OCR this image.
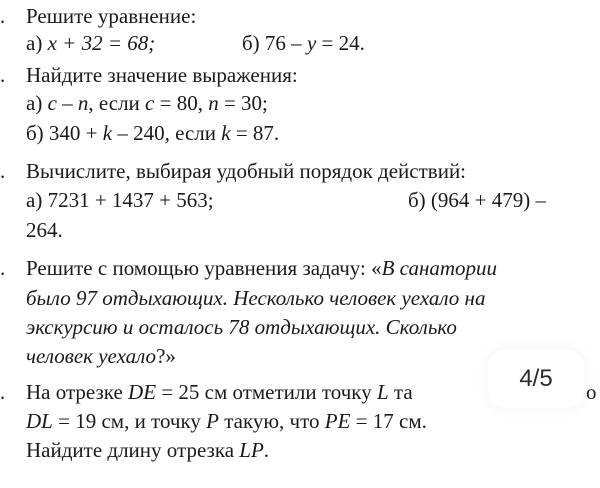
. Решите уравнение:
а) x + 32 = 68;	б) 76 – y = 24.
. Найдите значение выражения:
а) c – n, если c = 80, n = 30;
б) 340 + k – 240, если k = 87.
. Вычислите, выбирая удобный порядок действий:
а) 7231 + 1437 + 563;	б) (964 + 479) –
264.
. Решите с помощью уравнения задачу: «В санатории
было 97 отдыхающих. Несколько человек уехало на
экскурсию и осталось 78 отдыхающих. Сколько
человек уехало?»
. На отрезке DE = 25 см отметили точку L та	о
DL = 19 см, и точку P такую, что PE = 17 см.
Найдите длину отрезка LP.
4/5
